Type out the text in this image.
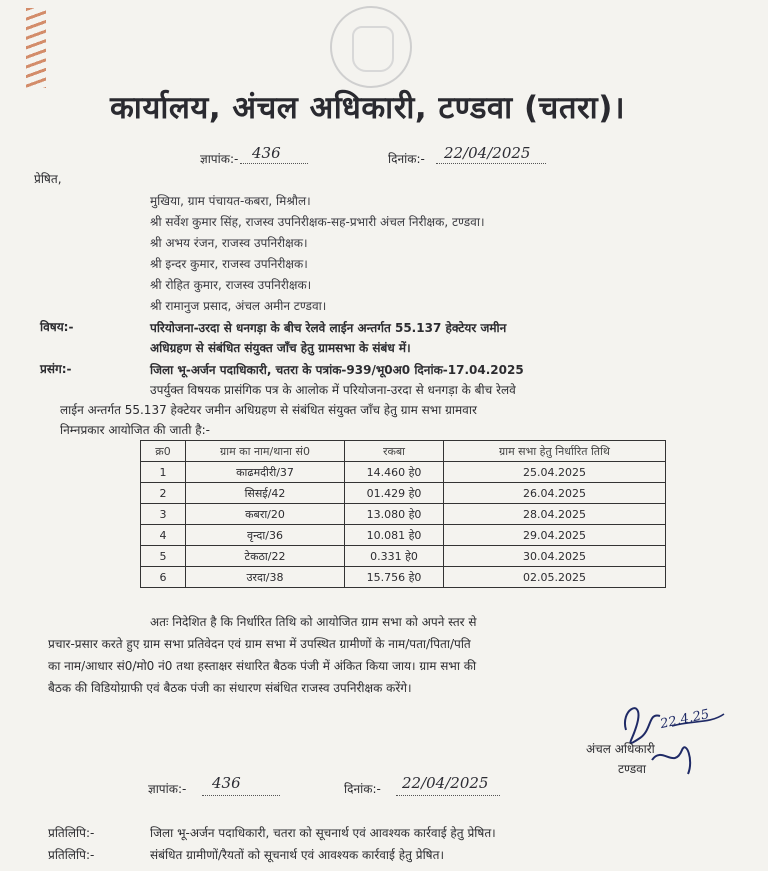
कार्यालय, अंचल अधिकारी, टण्डवा (चतरा)।
ज्ञापांक:- 436	दिनांक:- 22/04/2025
प्रेषित,
मुखिया, ग्राम पंचायत-कबरा, मिश्रौल।
श्री सर्वेश कुमार सिंह, राजस्व उपनिरीक्षक-सह-प्रभारी अंचल निरीक्षक, टण्डवा।
श्री अभय रंजन, राजस्व उपनिरीक्षक।
श्री इन्दर कुमार, राजस्व उपनिरीक्षक।
श्री रोहित कुमार, राजस्व उपनिरीक्षक।
श्री रामानुज प्रसाद, अंचल अमीन टण्डवा।
विषय:-	परियोजना-उरदा से धनगड़ा के बीच रेलवे लाईन अन्तर्गत 55.137 हेक्टेयर जमीन
अधिग्रहण से संबंधित संयुक्त जाँच हेतु ग्रामसभा के संबंध में।
प्रसंग:-	जिला भू-अर्जन पदाधिकारी, चतरा के पत्रांक-939/भू0अ0 दिनांक-17.04.2025
उपर्युक्त विषयक प्रासंगिक पत्र के आलोक में परियोजना-उरदा से धनगड़ा के बीच रेलवे
लाईन अन्तर्गत 55.137 हेक्टेयर जमीन अधिग्रहण से संबंधित संयुक्त जाँच हेतु ग्राम सभा ग्रामवार
निम्नप्रकार आयोजित की जाती है:-
क्र0	ग्राम का नाम/थाना सं0	रकबा	ग्राम सभा हेतु निर्धारित तिथि
1	काढमदीरी/37	14.460 हे0	25.04.2025
2	सिसई/42	01.429 हे0	26.04.2025
3	कबरा/20	13.080 हे0	28.04.2025
4	वृन्दा/36	10.081 हे0	29.04.2025
5	टेकठा/22	0.331 हे0	30.04.2025
6	उरदा/38	15.756 हे0	02.05.2025
अतः निदेशित है कि निर्धारित तिथि को आयोजित ग्राम सभा को अपने स्तर से
प्रचार-प्रसार करते हुए ग्राम सभा प्रतिवेदन एवं ग्राम सभा में उपस्थित ग्रामीणों के नाम/पता/पिता/पति
का नाम/आधार सं0/मो0 नं0 तथा हस्ताक्षर संधारित बैठक पंजी में अंकित किया जाय। ग्राम सभा की
बैठक की विडियोग्राफी एवं बैठक पंजी का संधारण संबंधित राजस्व उपनिरीक्षक करेंगे।
अंचल अधिकारी
टण्डवा
22.4.25
ज्ञापांक:- 436	दिनांक:- 22/04/2025
प्रतिलिपि:-	जिला भू-अर्जन पदाधिकारी, चतरा को सूचनार्थ एवं आवश्यक कार्रवाई हेतु प्रेषित।
प्रतिलिपि:-	संबंधित ग्रामीणों/रैयतों को सूचनार्थ एवं आवश्यक कार्रवाई हेतु प्रेषित।
